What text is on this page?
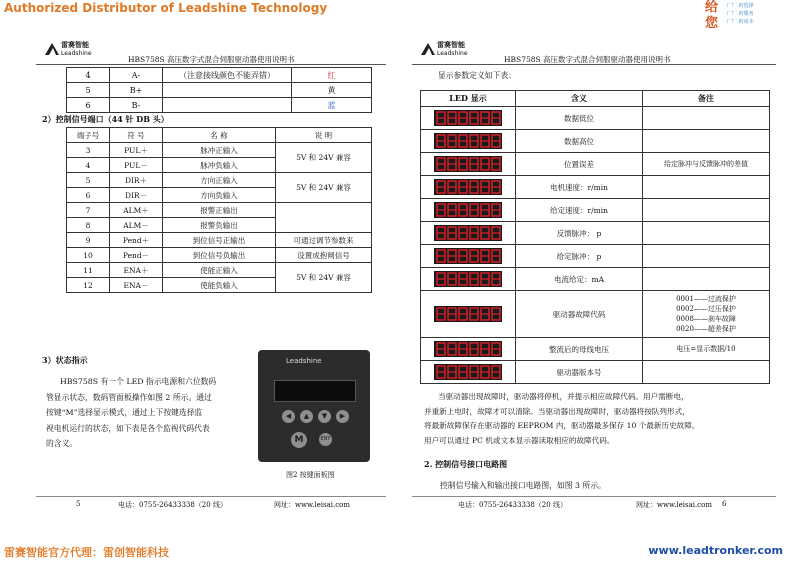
Authorized Distributor of Leadshine Technology	给
您
厂厂·的选择
厂厂·的服务
厂厂·的成本
雷赛智能
Leadshine
HBS758S 高压数字式混合伺服驱动器使用说明书
4	A-	（注意接线颜色不能弄错）	红
5	B+		黄
6	B-		蓝
2）控制信号端口（44 针 DB 头）
端子号	符 号	名 称	说 明
3	PUL＋	脉冲正输入	5V 和 24V 兼容
4	PUL－	脉冲负输入	
5	DIR＋	方向正输入	5V 和 24V 兼容
6	DIR－	方向负输入	
7	ALM＋	报警正输出	
8	ALM－	报警负输出	
9	Pend＋	到位信号正输出	可通过调节参数来
10	Pend－	到位信号负输出	设置成抱闸信号
11	ENA＋	使能正输入	5V 和 24V 兼容
12	ENA－	使能负输入	
3）状态指示
HBS758S 有一个 LED 指示电源和六位数码
管显示状态，数码管面板操作如图 2 所示。通过
按键“M”选择显示模式，通过上下按键选择监
视电机运行的状态，如下表是各个监视代码代表
的含义。
Leadshine
◀	▲	▼	▶
M	ENT
图2 按键面板图
5	电话：0755-26433338（20 线）	网址：www.leisai.com
雷赛智能
Leadshine
HBS758S 高压数字式混合伺服驱动器使用说明书
显示参数定义如下表：
LED 显示	含义	备注
	数据低位	
	数据高位	
	位置误差	给定脉冲与反馈脉冲的差值

	电机速度：r/min	
	给定速度：r/min	
	反馈脉冲： p	
	给定脉冲： p	
	电流给定：mA	
	驱动器故障代码	0001——过流保护
0002——过压保护
0008——刹车故障
0020——超差保护

	整流后的母线电压	电压=显示数据/10

	驱动器版本号	
当驱动器出现故障时，驱动器将停机，并提示相应故障代码。用户需断电，
并重新上电时，故障才可以清除。当驱动器出现故障时，驱动器将按队列形式，
将最新故障保存在驱动器的 EEPROM 内，驱动器最多保存 10 个最新历史故障。
用户可以通过 PC 机或文本显示器读取相应的故障代码。
2. 控制信号接口电路图
控制信号输入和输出接口电路图，如图 3 所示。
电话：0755-26433338（20 线）	网址：www.leisai.com 6
雷赛智能官方代理：雷创智能科技	www.leadtronker.com
